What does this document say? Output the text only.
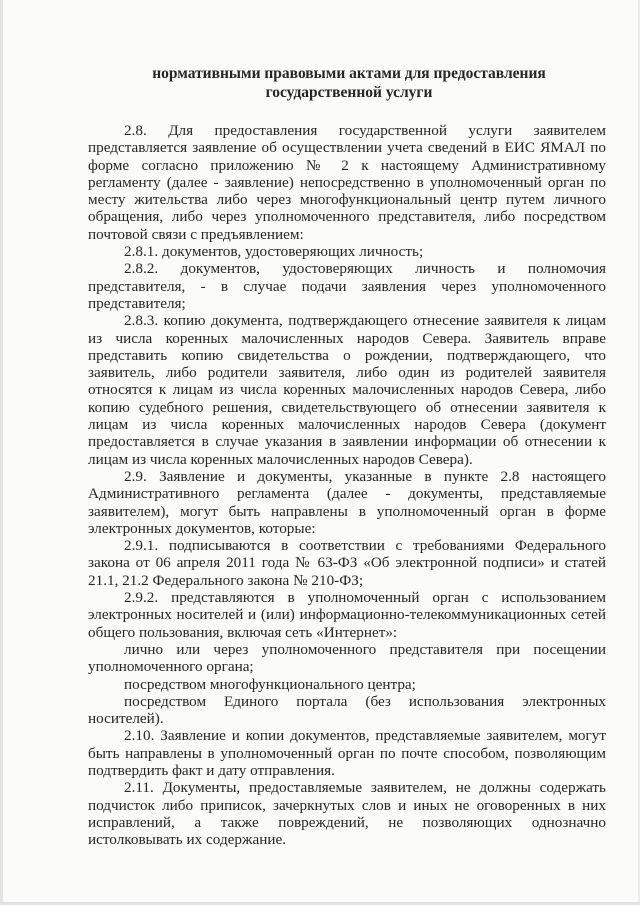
нормативными правовыми актами для предоставления
государственной услуги

2.8. Для предоставления государственной услуги заявителем представляется заявление об осуществлении учета сведений в ЕИС ЯМАЛ по форме согласно приложению № 2 к настоящему Административному регламенту (далее - заявление) непосредственно в уполномоченный орган по месту жительства либо через многофункциональный центр путем личного обращения, либо через уполномоченного представителя, либо посредством почтовой связи с предъявлением:

2.8.1. документов, удостоверяющих личность;

2.8.2. документов, удостоверяющих личность и полномочия представителя, - в случае подачи заявления через уполномоченного представителя;

2.8.3. копию документа, подтверждающего отнесение заявителя к лицам из числа коренных малочисленных народов Севера. Заявитель вправе представить копию свидетельства о рождении, подтверждающего, что заявитель, либо родители заявителя, либо один из родителей заявителя относятся к лицам из числа коренных малочисленных народов Севера, либо копию судебного решения, свидетельствующего об отнесении заявителя к лицам из числа коренных малочисленных народов Севера (документ предоставляется в случае указания в заявлении информации об отнесении к лицам из числа коренных малочисленных народов Севера).

2.9. Заявление и документы, указанные в пункте 2.8 настоящего Административного регламента (далее - документы, представляемые заявителем), могут быть направлены в уполномоченный орган в форме электронных документов, которые:

2.9.1. подписываются в соответствии с требованиями Федерального закона от 06 апреля 2011 года № 63-ФЗ «Об электронной подписи» и статей 21.1, 21.2 Федерального закона № 210-ФЗ;

2.9.2. представляются в уполномоченный орган с использованием электронных носителей и (или) информационно-телекоммуникационных сетей общего пользования, включая сеть «Интернет»:

лично или через уполномоченного представителя при посещении уполномоченного органа;

посредством многофункционального центра;

посредством Единого портала (без использования электронных носителей).

2.10. Заявление и копии документов, представляемые заявителем, могут быть направлены в уполномоченный орган по почте способом, позволяющим подтвердить факт и дату отправления.

2.11. Документы, предоставляемые заявителем, не должны содержать подчисток либо приписок, зачеркнутых слов и иных не оговоренных в них исправлений, а также повреждений, не позволяющих однозначно истолковывать их содержание.
